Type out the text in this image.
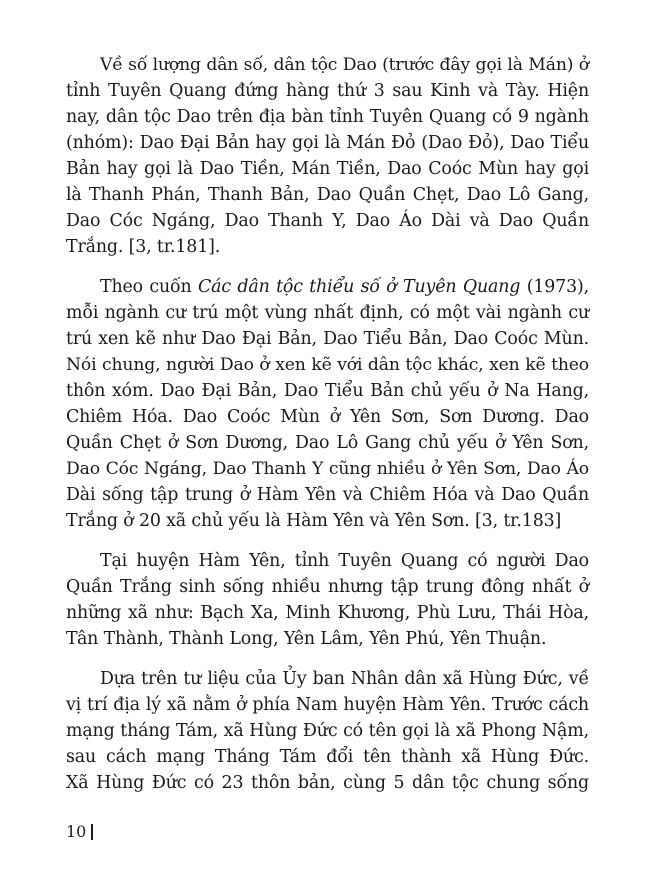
Về số lượng dân số, dân tộc Dao (trước đây gọi là Mán) ở
tỉnh Tuyên Quang đứng hàng thứ 3 sau Kinh và Tày. Hiện
nay, dân tộc Dao trên địa bàn tỉnh Tuyên Quang có 9 ngành
(nhóm): Dao Đại Bản hay gọi là Mán Đỏ (Dao Đỏ), Dao Tiểu
Bản hay gọi là Dao Tiền, Mán Tiền, Dao Coóc Mùn hay gọi
là Thanh Phán, Thanh Bản, Dao Quần Chẹt, Dao Lô Gang,
Dao Cóc Ngáng, Dao Thanh Y, Dao Áo Dài và Dao Quần
Trắng. [3, tr.181].
Theo cuốn Các dân tộc thiểu số ở Tuyên Quang (1973),
mỗi ngành cư trú một vùng nhất định, có một vài ngành cư
trú xen kẽ như Dao Đại Bản, Dao Tiểu Bản, Dao Coóc Mùn.
Nói chung, người Dao ở xen kẽ với dân tộc khác, xen kẽ theo
thôn xóm. Dao Đại Bản, Dao Tiểu Bản chủ yếu ở Na Hang,
Chiêm Hóa. Dao Coóc Mùn ở Yên Sơn, Sơn Dương. Dao
Quần Chẹt ở Sơn Dương, Dao Lô Gang chủ yếu ở Yên Sơn,
Dao Cóc Ngáng, Dao Thanh Y cũng nhiều ở Yên Sơn, Dao Áo
Dài sống tập trung ở Hàm Yên và Chiêm Hóa và Dao Quần
Trắng ở 20 xã chủ yếu là Hàm Yên và Yên Sơn. [3, tr.183]
Tại huyện Hàm Yên, tỉnh Tuyên Quang có người Dao
Quần Trắng sinh sống nhiều nhưng tập trung đông nhất ở
những xã như: Bạch Xa, Minh Khương, Phù Lưu, Thái Hòa,
Tân Thành, Thành Long, Yên Lâm, Yên Phú, Yên Thuận.
Dựa trên tư liệu của Ủy ban Nhân dân xã Hùng Đức, về
vị trí địa lý xã nằm ở phía Nam huyện Hàm Yên. Trước cách
mạng tháng Tám, xã Hùng Đức có tên gọi là xã Phong Nậm,
sau cách mạng Tháng Tám đổi tên thành xã Hùng Đức.
Xã Hùng Đức có 23 thôn bản, cùng 5 dân tộc chung sống
10
